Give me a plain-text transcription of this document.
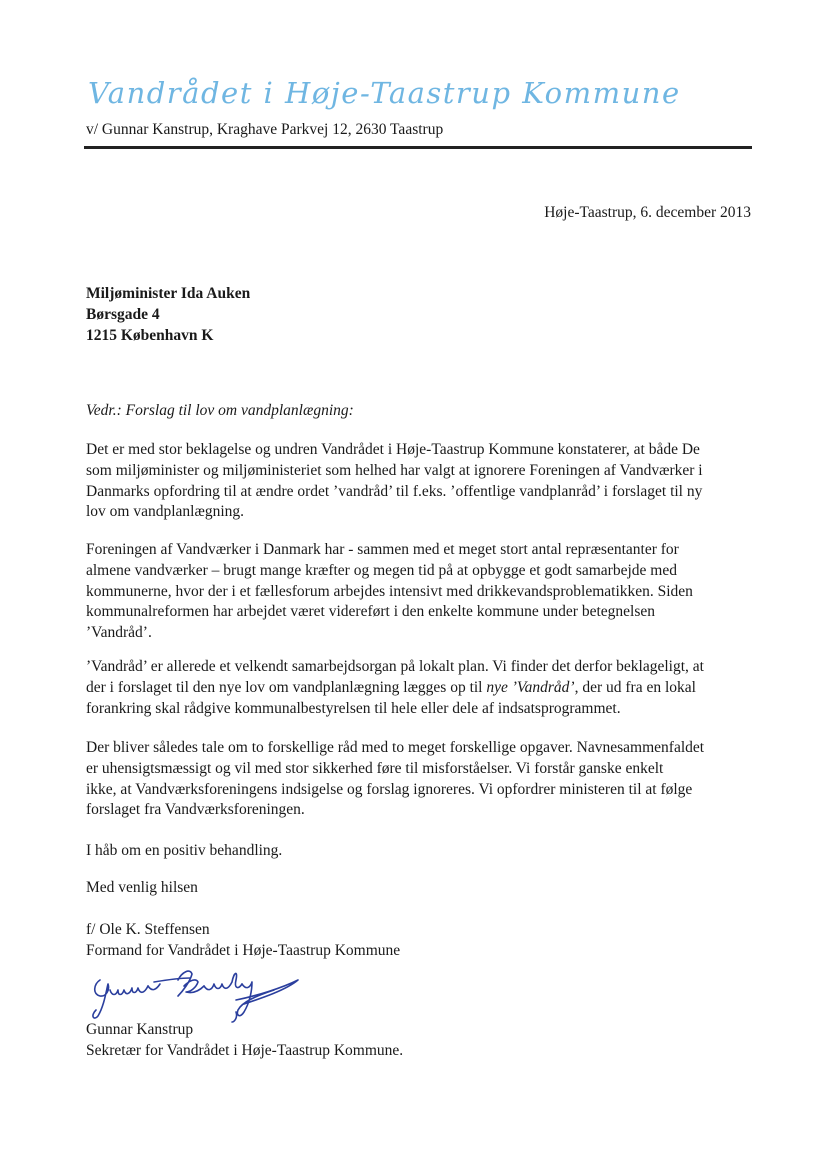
Vandrådet i Høje-Taastrup Kommune
v/ Gunnar Kanstrup, Kraghave Parkvej 12, 2630 Taastrup
Høje-Taastrup, 6. december 2013
Miljøminister Ida Auken
Børsgade 4
1215 København K
Vedr.: Forslag til lov om vandplanlægning:
Det er med stor beklagelse og undren Vandrådet i Høje-Taastrup Kommune konstaterer, at både De
som miljøminister og miljøministeriet som helhed har valgt at ignorere Foreningen af Vandværker i
Danmarks opfordring til at ændre ordet ’vandråd’ til f.eks. ’offentlige vandplanråd’ i forslaget til ny
lov om vandplanlægning.
Foreningen af Vandværker i Danmark har - sammen med et meget stort antal repræsentanter for
almene vandværker – brugt mange kræfter og megen tid på at opbygge et godt samarbejde med
kommunerne, hvor der i et fællesforum arbejdes intensivt med drikkevandsproblematikken. Siden
kommunalreformen har arbejdet været videreført i den enkelte kommune under betegnelsen
’Vandråd’.
’Vandråd’ er allerede et velkendt samarbejdsorgan på lokalt plan. Vi finder det derfor beklageligt, at
der i forslaget til den nye lov om vandplanlægning lægges op til nye ’Vandråd’, der ud fra en lokal
forankring skal rådgive kommunalbestyrelsen til hele eller dele af indsatsprogrammet.
Der bliver således tale om to forskellige råd med to meget forskellige opgaver. Navnesammenfaldet
er uhensigtsmæssigt og vil med stor sikkerhed føre til misforståelser. Vi forstår ganske enkelt
ikke, at Vandværksforeningens indsigelse og forslag ignoreres. Vi opfordrer ministeren til at følge
forslaget fra Vandværksforeningen.
I håb om en positiv behandling.
Med venlig hilsen
f/ Ole K. Steffensen
Formand for Vandrådet i Høje-Taastrup Kommune
Gunnar Kanstrup
Sekretær for Vandrådet i Høje-Taastrup Kommune.
